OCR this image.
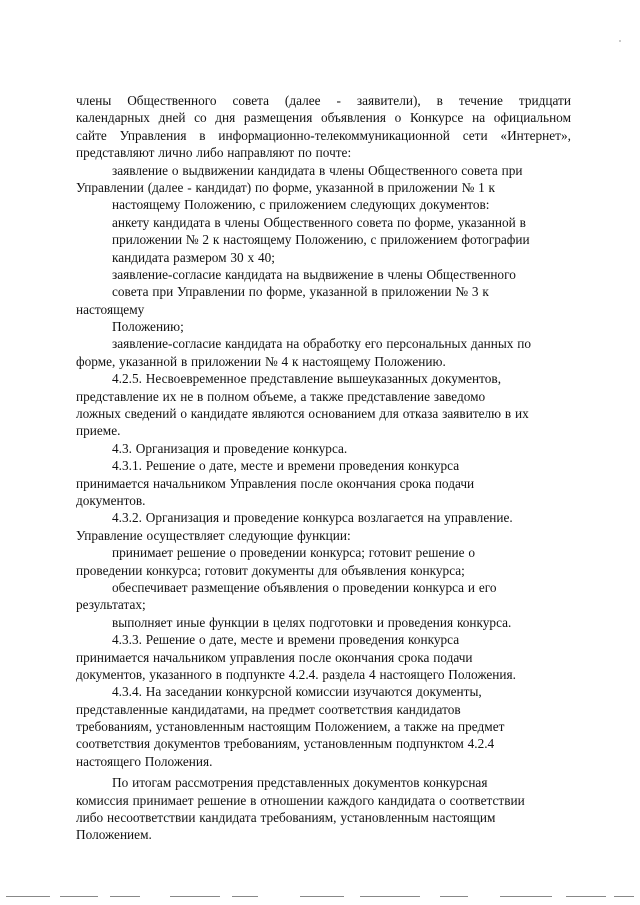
члены Общественного совета (далее - заявители), в течение тридцати
календарных дней со дня размещения объявления о Конкурсе на официальном
сайте Управления в информационно-телекоммуникационной сети «Интернет»,
представляют лично либо направляют по почте:
заявление о выдвижении кандидата в члены Общественного совета при
Управлении (далее - кандидат) по форме, указанной в приложении № 1 к
настоящему Положению, с приложением следующих документов:
анкету кандидата в члены Общественного совета по форме, указанной в
приложении № 2 к настоящему Положению, с приложением фотографии
кандидата размером 30 х 40;
заявление-согласие кандидата на выдвижение в члены Общественного
совета при Управлении по форме, указанной в приложении № 3 к
настоящему
Положению;
заявление-согласие кандидата на обработку его персональных данных по
форме, указанной в приложении № 4 к настоящему Положению.
4.2.5. Несвоевременное представление вышеуказанных документов,
представление их не в полном объеме, а также представление заведомо
ложных сведений о кандидате являются основанием для отказа заявителю в их
приеме.
4.3. Организация и проведение конкурса.
4.3.1. Решение о дате, месте и времени проведения конкурса
принимается начальником Управления после окончания срока подачи
документов.
4.3.2. Организация и проведение конкурса возлагается на управление.
Управление осуществляет следующие функции:
принимает решение о проведении конкурса; готовит решение о
проведении конкурса; готовит документы для объявления конкурса;
обеспечивает размещение объявления о проведении конкурса и его
результатах;
выполняет иные функции в целях подготовки и проведения конкурса.
4.3.3. Решение о дате, месте и времени проведения конкурса
принимается начальником управления после окончания срока подачи
документов, указанного в подпункте 4.2.4. раздела 4 настоящего Положения.
4.3.4. На заседании конкурсной комиссии изучаются документы,
представленные кандидатами, на предмет соответствия кандидатов
требованиям, установленным настоящим Положением, а также на предмет
соответствия документов требованиям, установленным подпунктом 4.2.4
настоящего Положения.
По итогам рассмотрения представленных документов конкурсная
комиссия принимает решение в отношении каждого кандидата о соответствии
либо несоответствии кандидата требованиям, установленным настоящим
Положением.
